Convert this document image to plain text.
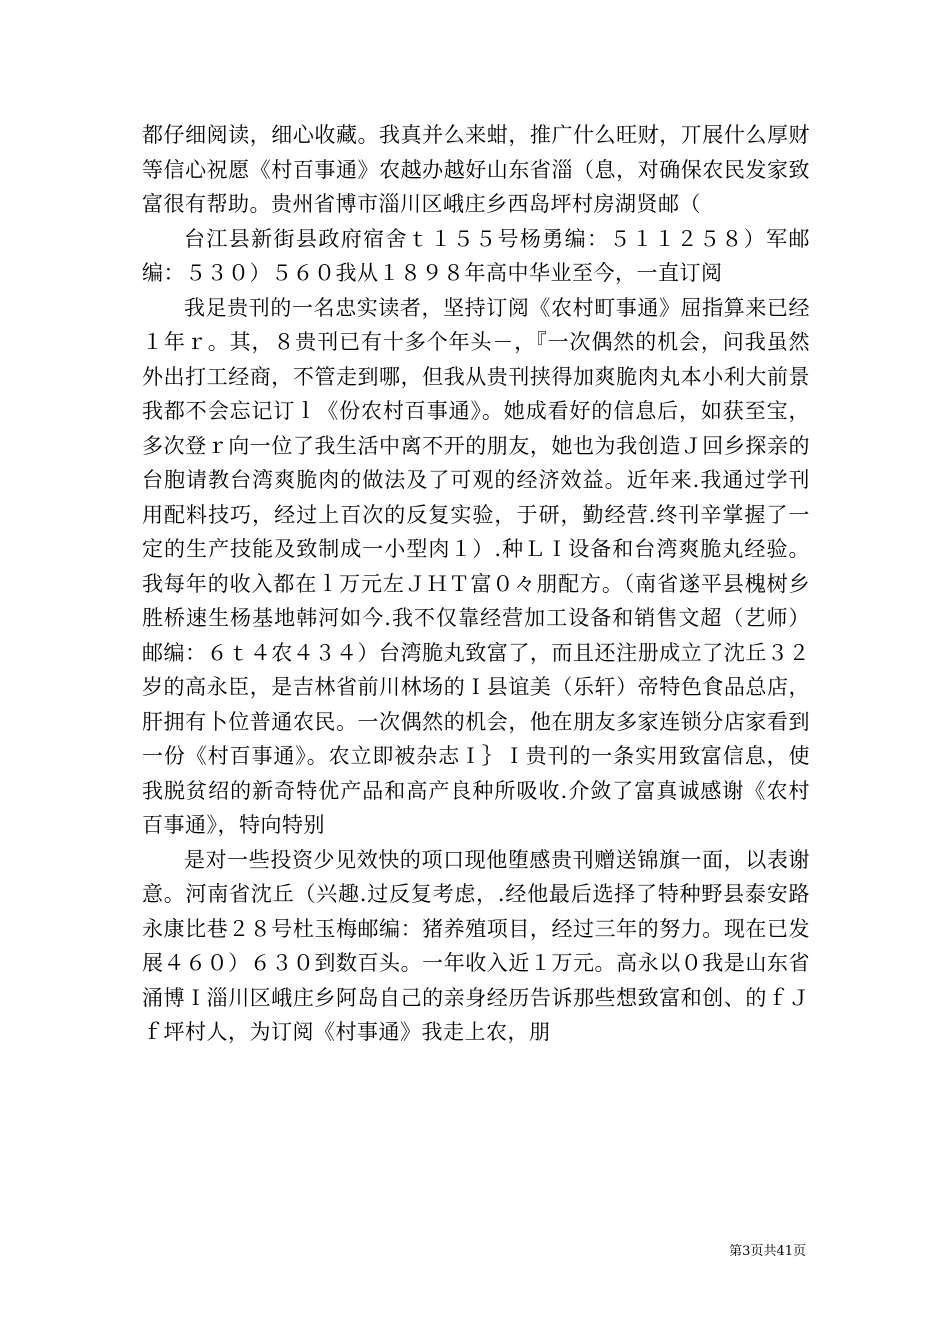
都仔细阅读，细心收藏。我真并么来蚶，推广什么旺财，丌展什么厚财等信心祝愿《村百事通》农越办越好山东省淄（息，对确保农民发家致富很有帮助。贵州省博市淄川区峨庄乡西岛坪村房湖贤邮（

台江县新街县政府宿舍ｔ１５５号杨勇编：５１１２５８）军邮编：５３０）５６０我从１８９８年高中华业至今，一直订阅

我足贵刊的一名忠实读者，坚持订阅《农村町事通》屈指算来已经１年ｒ。其，８贵刊已有十多个年头－，『一次偶然的机会，问我虽然外出打工经商，不管走到哪，但我从贵刊挟得加爽脆肉丸本小利大前景我都不会忘记订ｌ《份农村百事通》。她成看好的信息后，如获至宝，多次登ｒ向一位了我生活中离不开的朋友，她也为我创造Ｊ回乡探亲的台胞请教台湾爽脆肉的做法及了可观的经济效益。近年来.我通过学刊用配料技巧，经过上百次的反复实验，于研，勤经营.终刊辛掌握了一定的生产技能及致制成一小型肉１）.种ＬＩ设备和台湾爽脆丸经验。我每年的收入都在ｌ万元左ＪＨＴ富０々朋配方。（南省遂平县槐树乡胜桥速生杨基地韩河如今.我不仅靠经营加工设备和销售文超（艺师）邮编：６ｔ４农４３４）台湾脆丸致富了，而且还注册成立了沈丘３２岁的高永臣，是吉林省前川林场的Ｉ县谊美（乐轩）帝特色食品总店，肝拥有卜位普通农民。一次偶然的机会，他在朋友多家连锁分店家看到一份《村百事通》。农立即被杂志Ｉ｝Ｉ贵刊的一条实用致富信息，使我脱贫绍的新奇特优产品和高产良种所吸收.介敛了富真诚感谢《农村百事通》，特向特别

是对一些投资少见效快的项口现他堕感贵刊赠送锦旗一面，以表谢意。河南省沈丘（兴趣.过反复考虑，.经他最后选择了特种野县泰安路永康比巷２８号杜玉梅邮编：猪养殖项目，经过三年的努力。现在已发展４６０）６３０到数百头。一年收入近１万元。高永以０我是山东省涌博Ｉ淄川区峨庄乡阿岛自己的亲身经历告诉那些想致富和创、的ｆＪｆ坪村人，为订阅《村事通》我走上农，朋

第3页共41页
